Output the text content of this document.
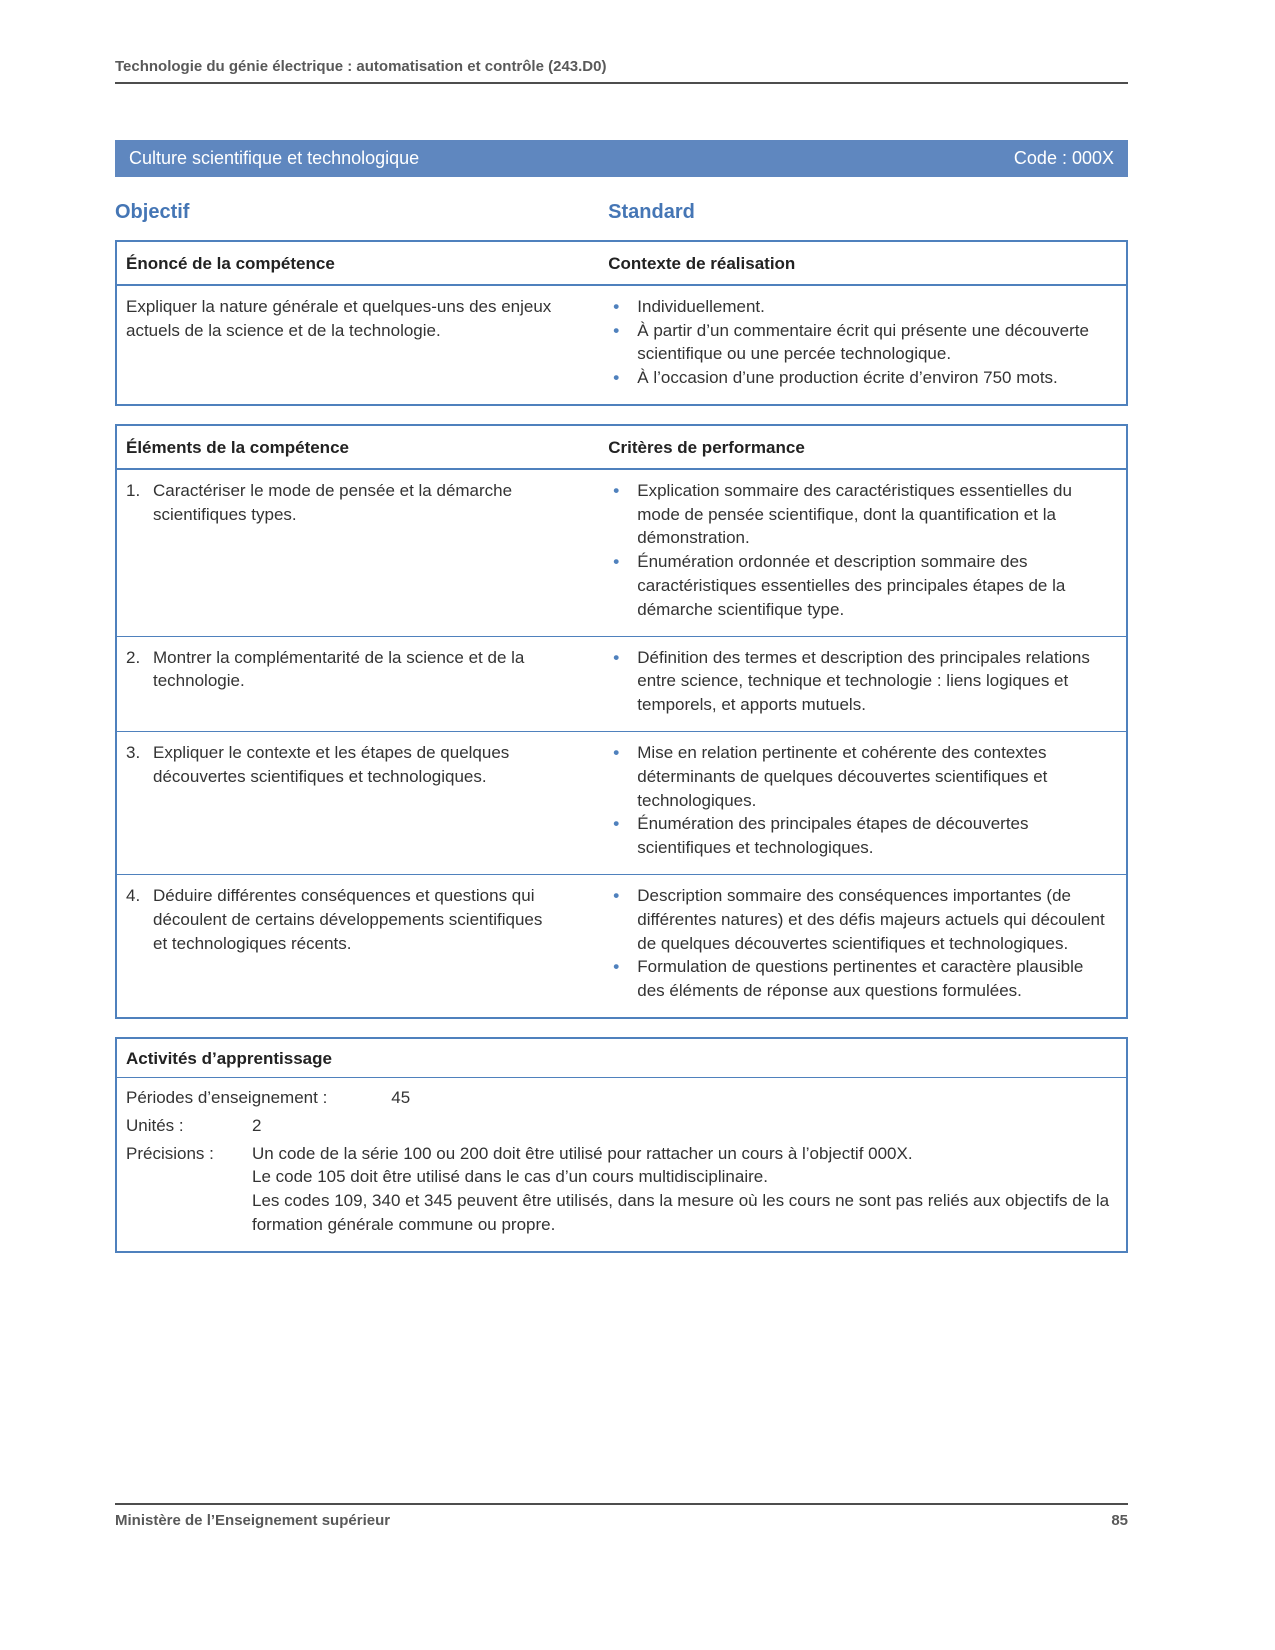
Technologie du génie électrique : automatisation et contrôle (243.D0)
Culture scientifique et technologique	Code : 000X
Objectif	Standard
Énoncé de la compétence	Contexte de réalisation
Expliquer la nature générale et quelques-uns des enjeux actuels de la science et de la technologie.
• Individuellement.
• À partir d’un commentaire écrit qui présente une découverte scientifique ou une percée technologique.
• À l’occasion d’une production écrite d’environ 750 mots.
Éléments de la compétence	Critères de performance
1. Caractériser le mode de pensée et la démarche scientifiques types.
• Explication sommaire des caractéristiques essentielles du mode de pensée scientifique, dont la quantification et la démonstration.
• Énumération ordonnée et description sommaire des caractéristiques essentielles des principales étapes de la démarche scientifique type.
2. Montrer la complémentarité de la science et de la technologie.
• Définition des termes et description des principales relations entre science, technique et technologie : liens logiques et temporels, et apports mutuels.
3. Expliquer le contexte et les étapes de quelques découvertes scientifiques et technologiques.
• Mise en relation pertinente et cohérente des contextes déterminants de quelques découvertes scientifiques et technologiques.
• Énumération des principales étapes de découvertes scientifiques et technologiques.
4. Déduire différentes conséquences et questions qui découlent de certains développements scientifiques et technologiques récents.
• Description sommaire des conséquences importantes (de différentes natures) et des défis majeurs actuels qui découlent de quelques découvertes scientifiques et technologiques.
• Formulation de questions pertinentes et caractère plausible des éléments de réponse aux questions formulées.
Activités d’apprentissage
Périodes d’enseignement :	45
Unités :	2
Précisions :	Un code de la série 100 ou 200 doit être utilisé pour rattacher un cours à l’objectif 000X.
Le code 105 doit être utilisé dans le cas d’un cours multidisciplinaire.
Les codes 109, 340 et 345 peuvent être utilisés, dans la mesure où les cours ne sont pas reliés aux objectifs de la formation générale commune ou propre.
Ministère de l’Enseignement supérieur	85
